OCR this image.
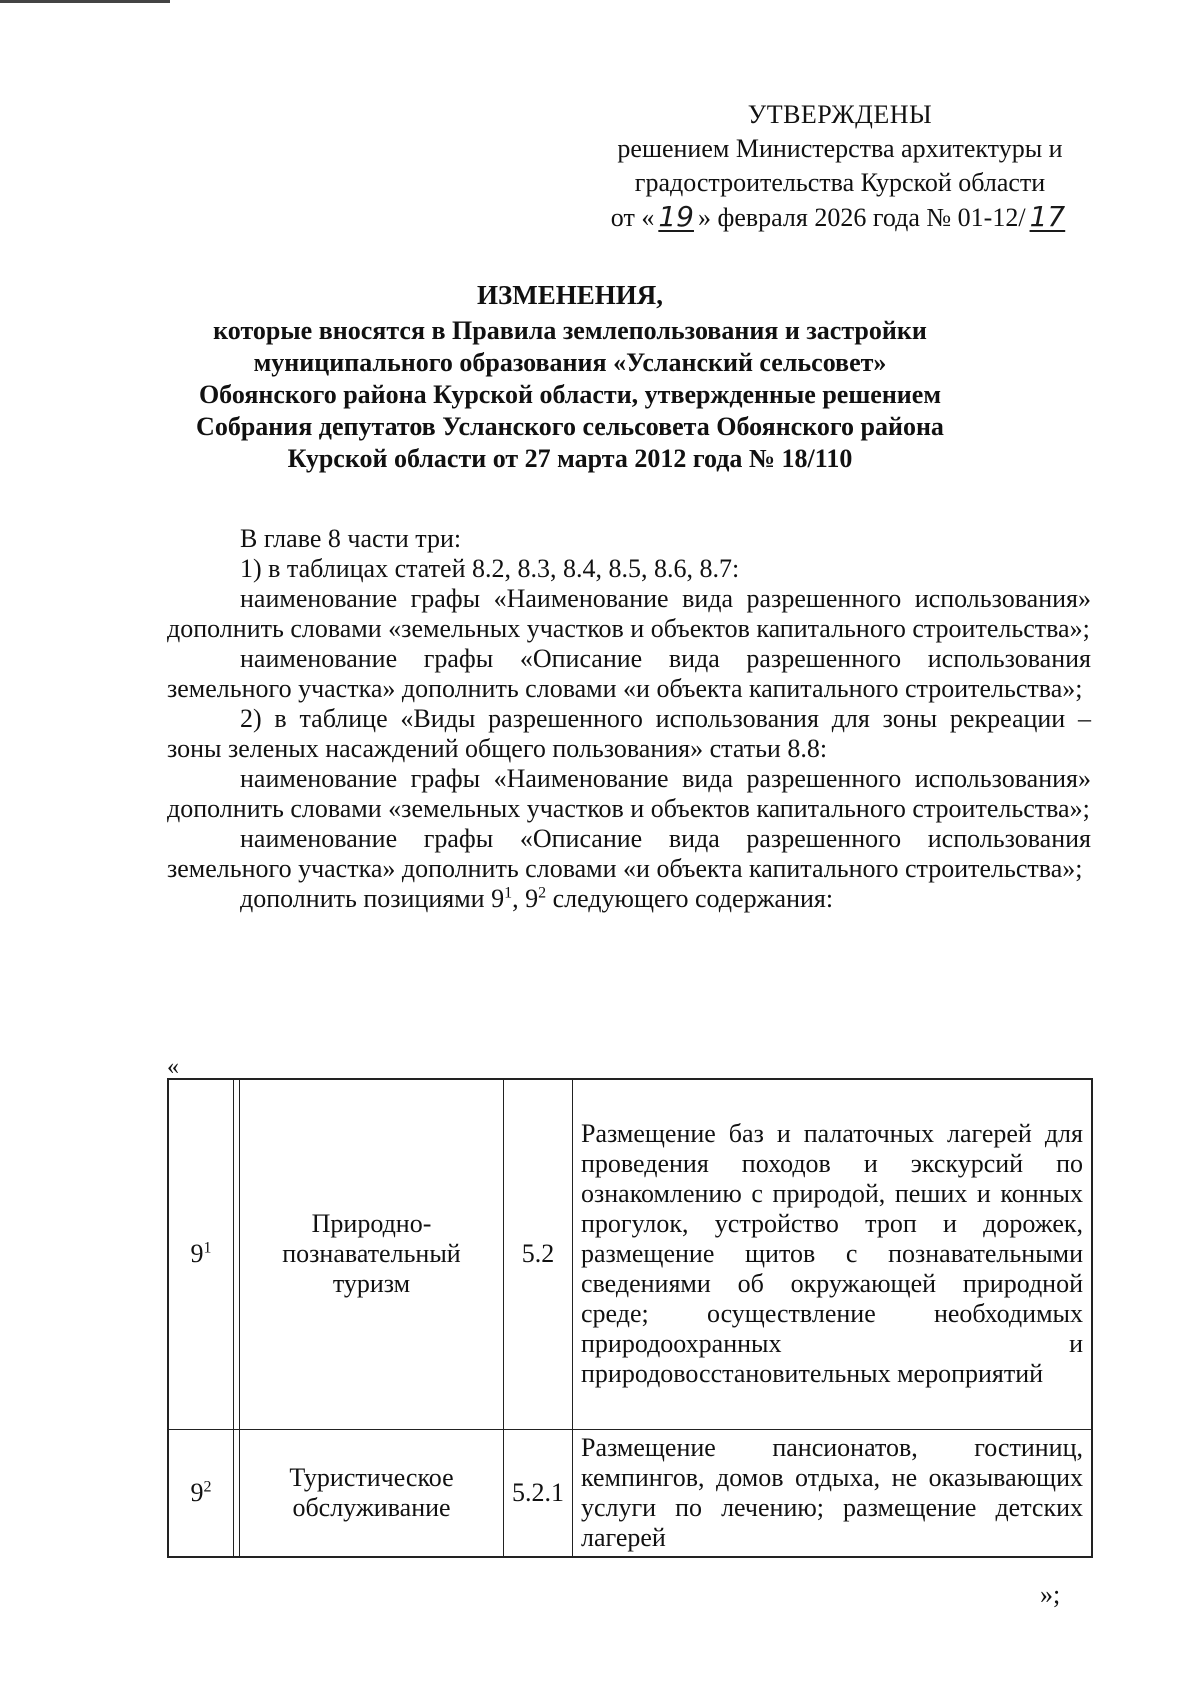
УТВЕРЖДЕНЫ
решением Министерства архитектуры и
градостроительства Курской области
от « 19 » февраля 2026 года № 01-12/ 17
ИЗМЕНЕНИЯ,
которые вносятся в Правила землепользования и застройки
муниципального образования «Усланский сельсовет»
Обоянского района Курской области, утвержденные решением
Собрания депутатов Усланского сельсовета Обоянского района
Курской области от 27 марта 2012 года № 18/110

В главе 8 части три:

1) в таблицах статей 8.2, 8.3, 8.4, 8.5, 8.6, 8.7:

наименование графы «Наименование вида разрешенного использования» дополнить словами «земельных участков и объектов капитального строительства»;

наименование графы «Описание вида разрешенного использования земельного участка» дополнить словами «и объекта капитального строительства»;

2) в таблице «Виды разрешенного использования для зоны рекреации – зоны зеленых насаждений общего пользования» статьи 8.8:

наименование графы «Наименование вида разрешенного использования» дополнить словами «земельных участков и объектов капитального строительства»;

наименование графы «Описание вида разрешенного использования земельного участка» дополнить словами «и объекта капитального строительства»;

дополнить позициями $9^1$, $9^2$ следующего содержания:

«
$9^1$		Природно-познавательный туризм	5.2	Размещение баз и палаточных лагерей для проведения походов и экскурсий по ознакомлению с природой, пеших и конных прогулок, устройство троп и дорожек, размещение щитов с познавательными сведениями об окружающей природной среде; осуществление необходимых природоохранных и природовосстановительных мероприятий
$9^2$		Туристическое обслуживание	5.2.1	Размещение пансионатов, гостиниц, кемпингов, домов отдыха, не оказывающих услуги по лечению; размещение детских лагерей
»;
